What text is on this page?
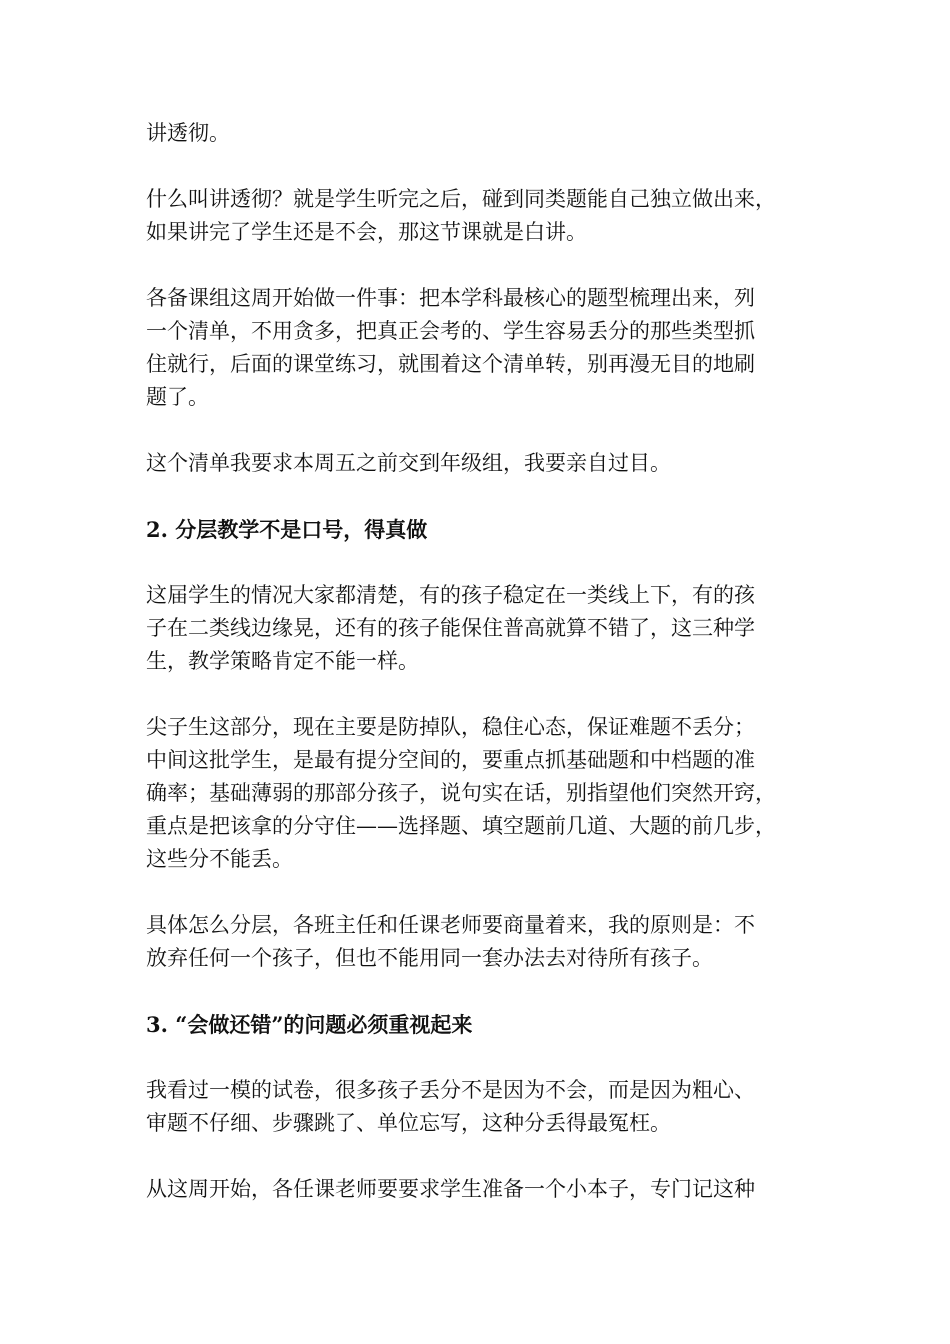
讲透彻。

什么叫讲透彻？就是学生听完之后，碰到同类题能自己独立做出来，
如果讲完了学生还是不会，那这节课就是白讲。

各备课组这周开始做一件事：把本学科最核心的题型梳理出来，列
一个清单，不用贪多，把真正会考的、学生容易丢分的那些类型抓
住就行，后面的课堂练习，就围着这个清单转，别再漫无目的地刷
题了。

这个清单我要求本周五之前交到年级组，我要亲自过目。

2. 分层教学不是口号，得真做

这届学生的情况大家都清楚，有的孩子稳定在一类线上下，有的孩
子在二类线边缘晃，还有的孩子能保住普高就算不错了，这三种学
生，教学策略肯定不能一样。

尖子生这部分，现在主要是防掉队，稳住心态，保证难题不丢分；
中间这批学生，是最有提分空间的，要重点抓基础题和中档题的准
确率；基础薄弱的那部分孩子，说句实在话，别指望他们突然开窍，
重点是把该拿的分守住——选择题、填空题前几道、大题的前几步，
这些分不能丢。

具体怎么分层，各班主任和任课老师要商量着来，我的原则是：不
放弃任何一个孩子，但也不能用同一套办法去对待所有孩子。

3. “会做还错”的问题必须重视起来

我看过一模的试卷，很多孩子丢分不是因为不会，而是因为粗心、
审题不仔细、步骤跳了、单位忘写，这种分丢得最冤枉。

从这周开始，各任课老师要要求学生准备一个小本子，专门记这种
